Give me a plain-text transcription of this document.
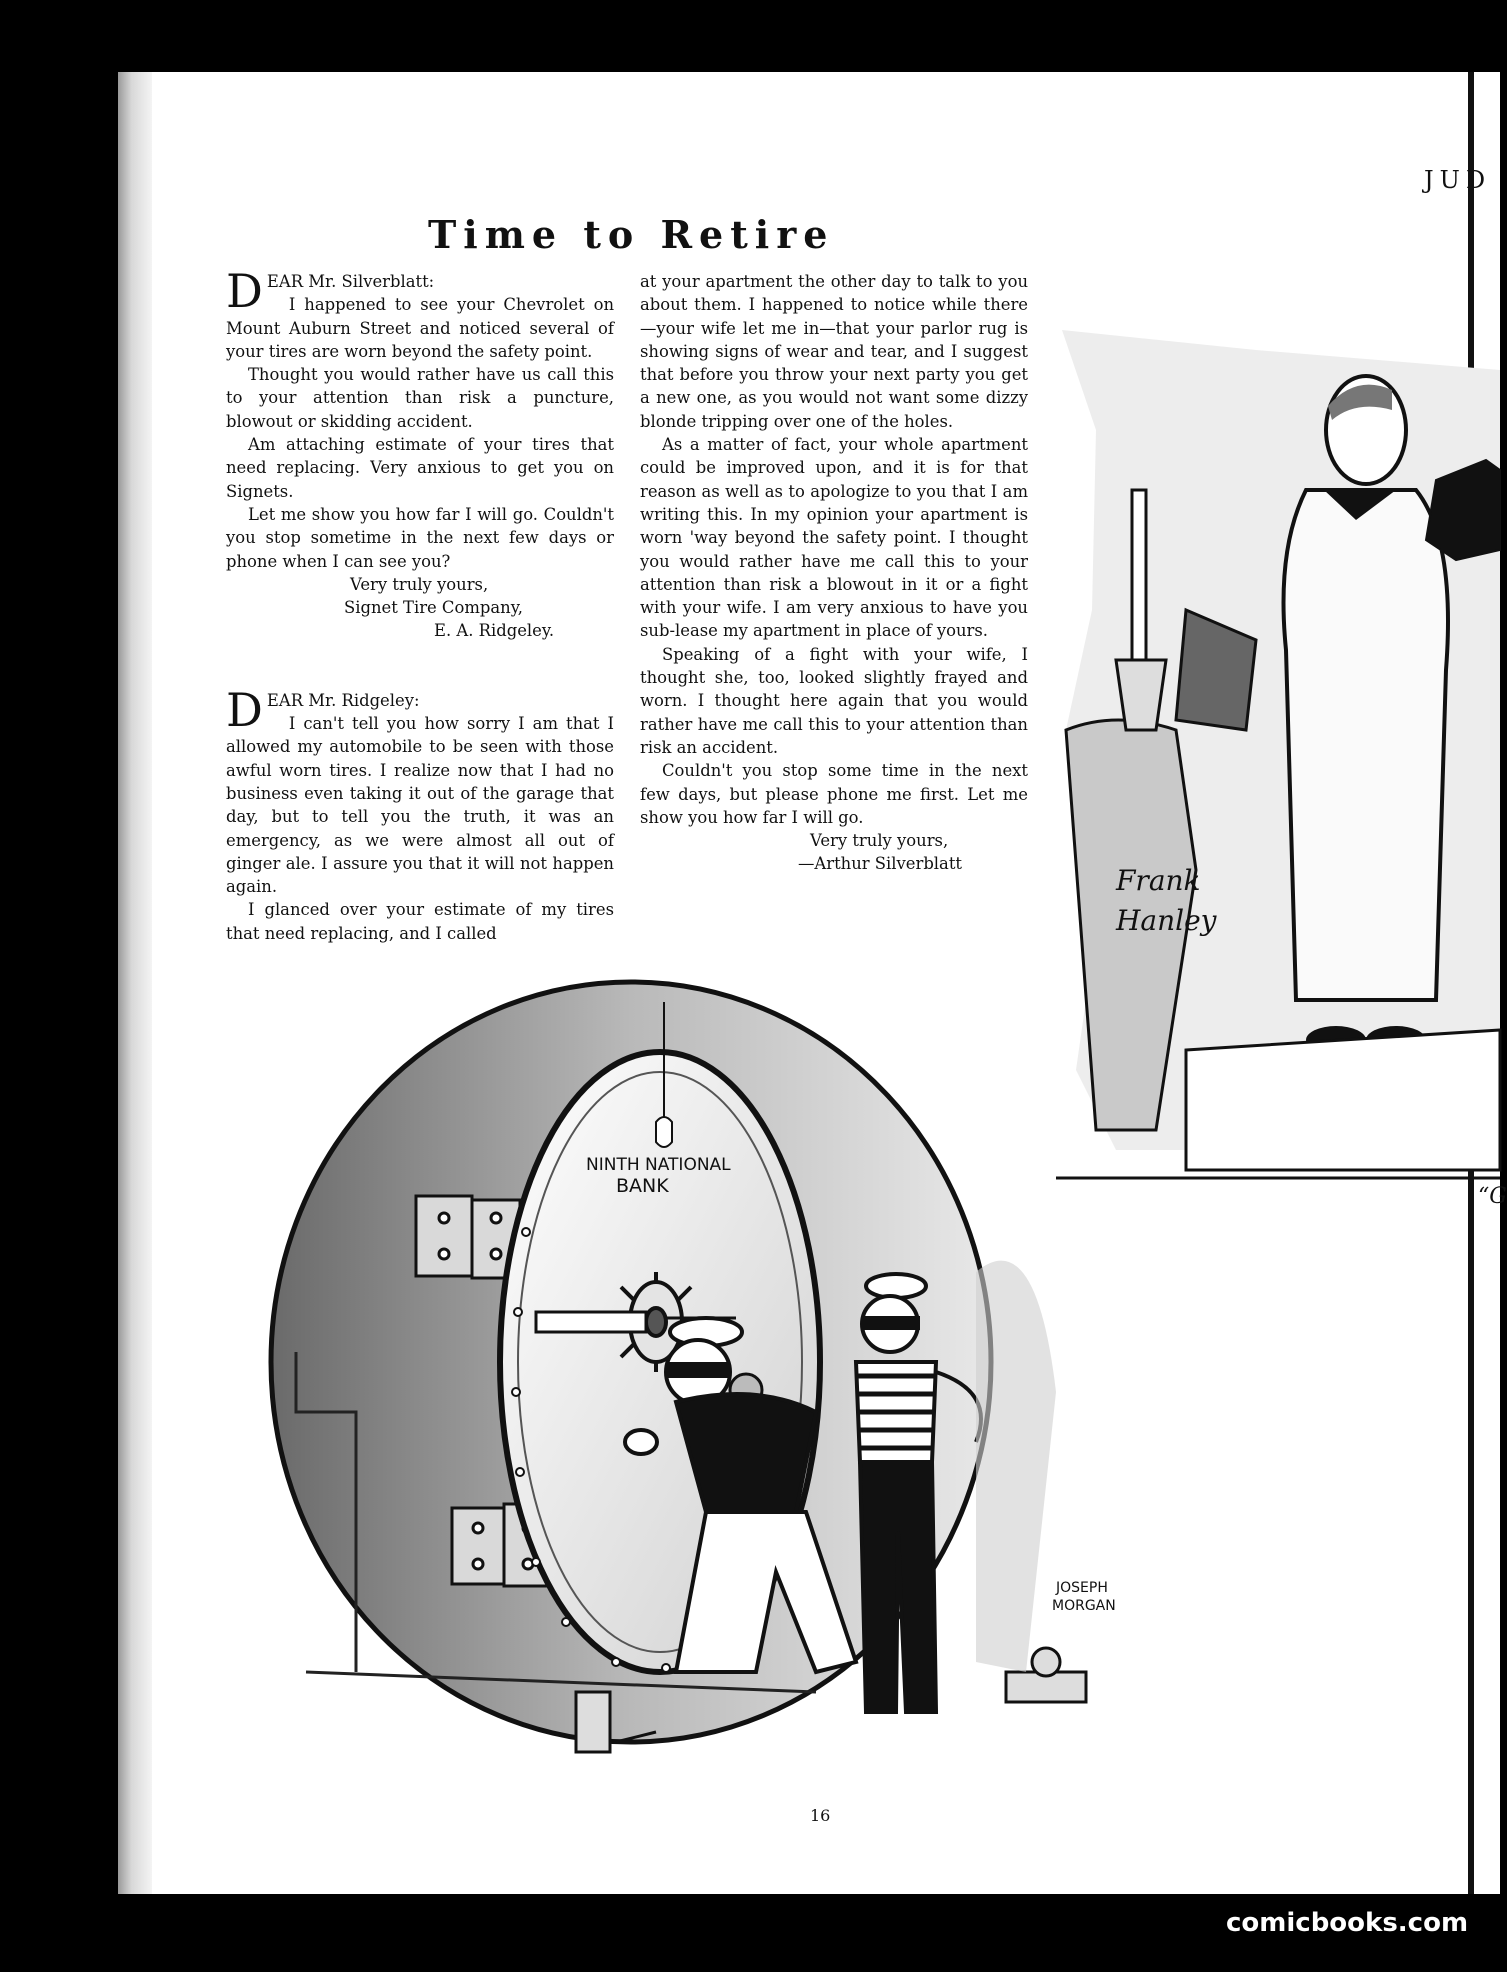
JUD
Time to Retire

DEAR Mr. Silverblatt:

I happened to see your Chevrolet on Mount Auburn Street and noticed several of your tires are worn beyond the safety point.

Thought you would rather have us call this to your attention than risk a puncture, blowout or skidding accident.

Am attaching estimate of your tires that need replacing. Very anxious to get you on Signets.

Let me show you how far I will go. Couldn't you stop sometime in the next few days or phone when I can see you?

Very truly yours,

Signet Tire Company,

E. A. Ridgeley.

DEAR Mr. Ridgeley:

I can't tell you how sorry I am that I allowed my automobile to be seen with those awful worn tires. I realize now that I had no business even taking it out of the garage that day, but to tell you the truth, it was an emergency, as we were almost all out of ginger ale. I assure you that it will not happen again.

I glanced over your estimate of my tires that need replacing, and I called

at your apartment the other day to talk to you about them. I happened to notice while there—your wife let me in—that your parlor rug is showing signs of wear and tear, and I suggest that before you throw your next party you get a new one, as you would not want some dizzy blonde tripping over one of the holes.

As a matter of fact, your whole apartment could be improved upon, and it is for that reason as well as to apologize to you that I am writing this. In my opinion your apartment is worn 'way beyond the safety point. I thought you would rather have me call this to your attention than risk a blowout in it or a fight with your wife. I am very anxious to have you sub-lease my apartment in place of yours.

Speaking of a fight with your wife, I thought she, too, looked slightly frayed and worn. I thought here again that you would rather have me call this to your attention than risk an accident.

Couldn't you stop some time in the next few days, but please phone me first. Let me show you how far I will go.

Very truly yours,

—Arthur Silverblatt

NINTH NATIONAL
BANK
JOSEPH
MORGAN
Frank
Hanley
“G
16
comicbooks.com
